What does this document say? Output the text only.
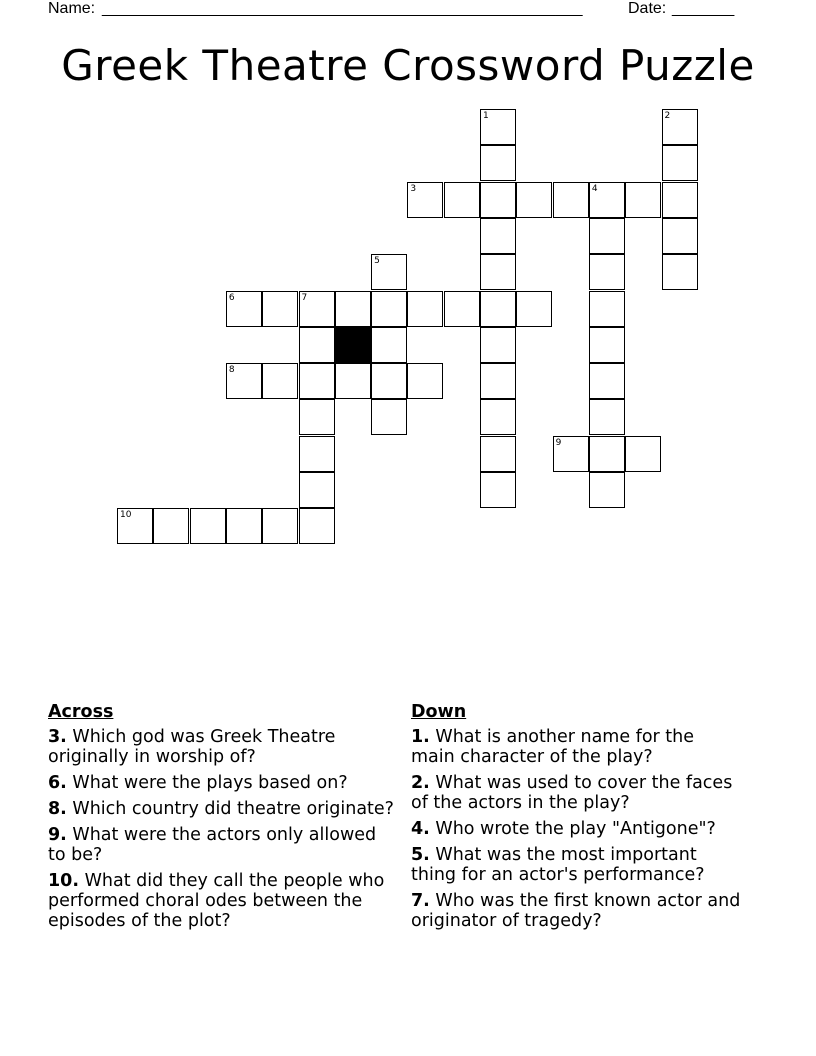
Name: ______________________________________________________	Date: _______
Greek Theatre Crossword Puzzle
1	2
3	4
5
6	7
8
9
10
Across
3. Which god was Greek Theatre originally in worship of?
6. What were the plays based on?
8. Which country did theatre originate?
9. What were the actors only allowed to be?
10. What did they call the people who performed choral odes between the episodes of the plot?
Down
1. What is another name for the main character of the play?
2. What was used to cover the faces of the actors in the play?
4. Who wrote the play "Antigone"?
5. What was the most important thing for an actor's performance?
7. Who was the first known actor and originator of tragedy?
